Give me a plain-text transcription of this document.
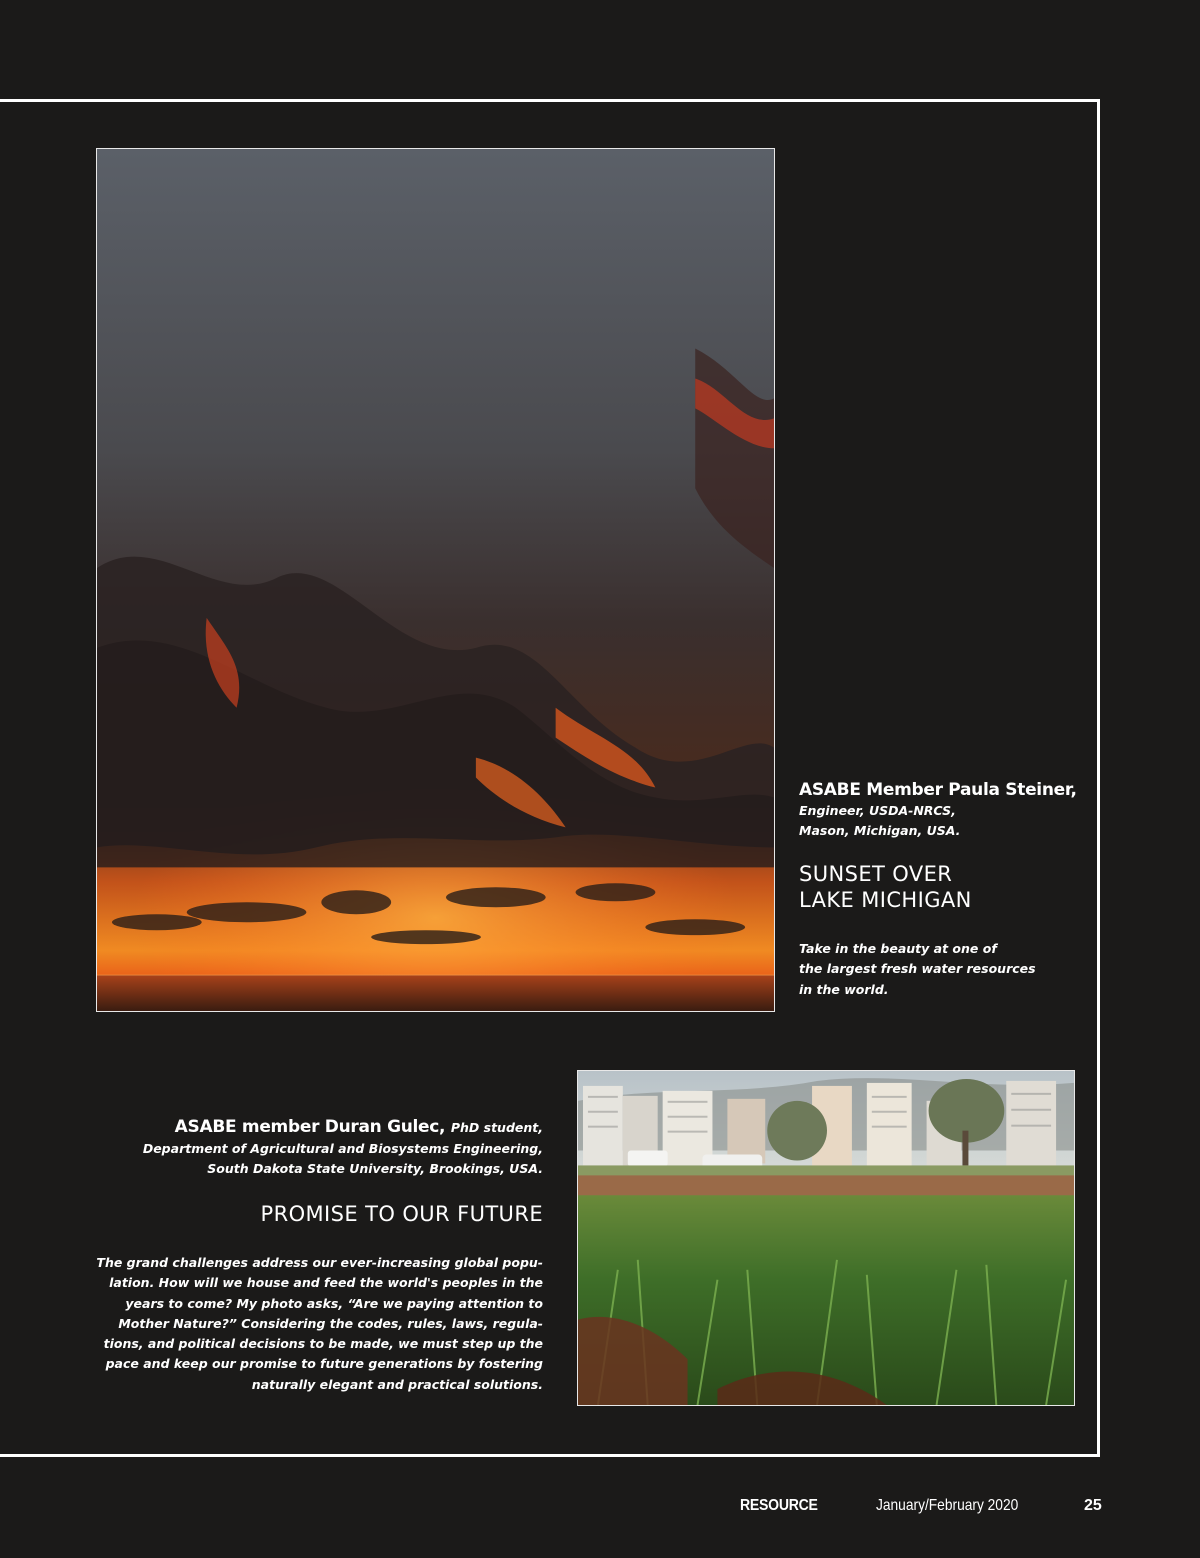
ASABE Member Paula Steiner,
Engineer, USDA-NRCS,
Mason, Michigan, USA.
SUNSET OVER
LAKE MICHIGAN
Take in the beauty at one of
the largest fresh water resources
in the world.
ASABE member Duran Gulec, PhD student,
Department of Agricultural and Biosystems Engineering,
South Dakota State University, Brookings, USA.
PROMISE TO OUR FUTURE
The grand challenges address our ever-increasing global popu-
lation. How will we house and feed the world's peoples in the
years to come? My photo asks, “Are we paying attention to
Mother Nature?” Considering the codes, rules, laws, regula-
tions, and political decisions to be made, we must step up the
pace and keep our promise to future generations by fostering
naturally elegant and practical solutions.
RESOURCE	January/February 2020	25
